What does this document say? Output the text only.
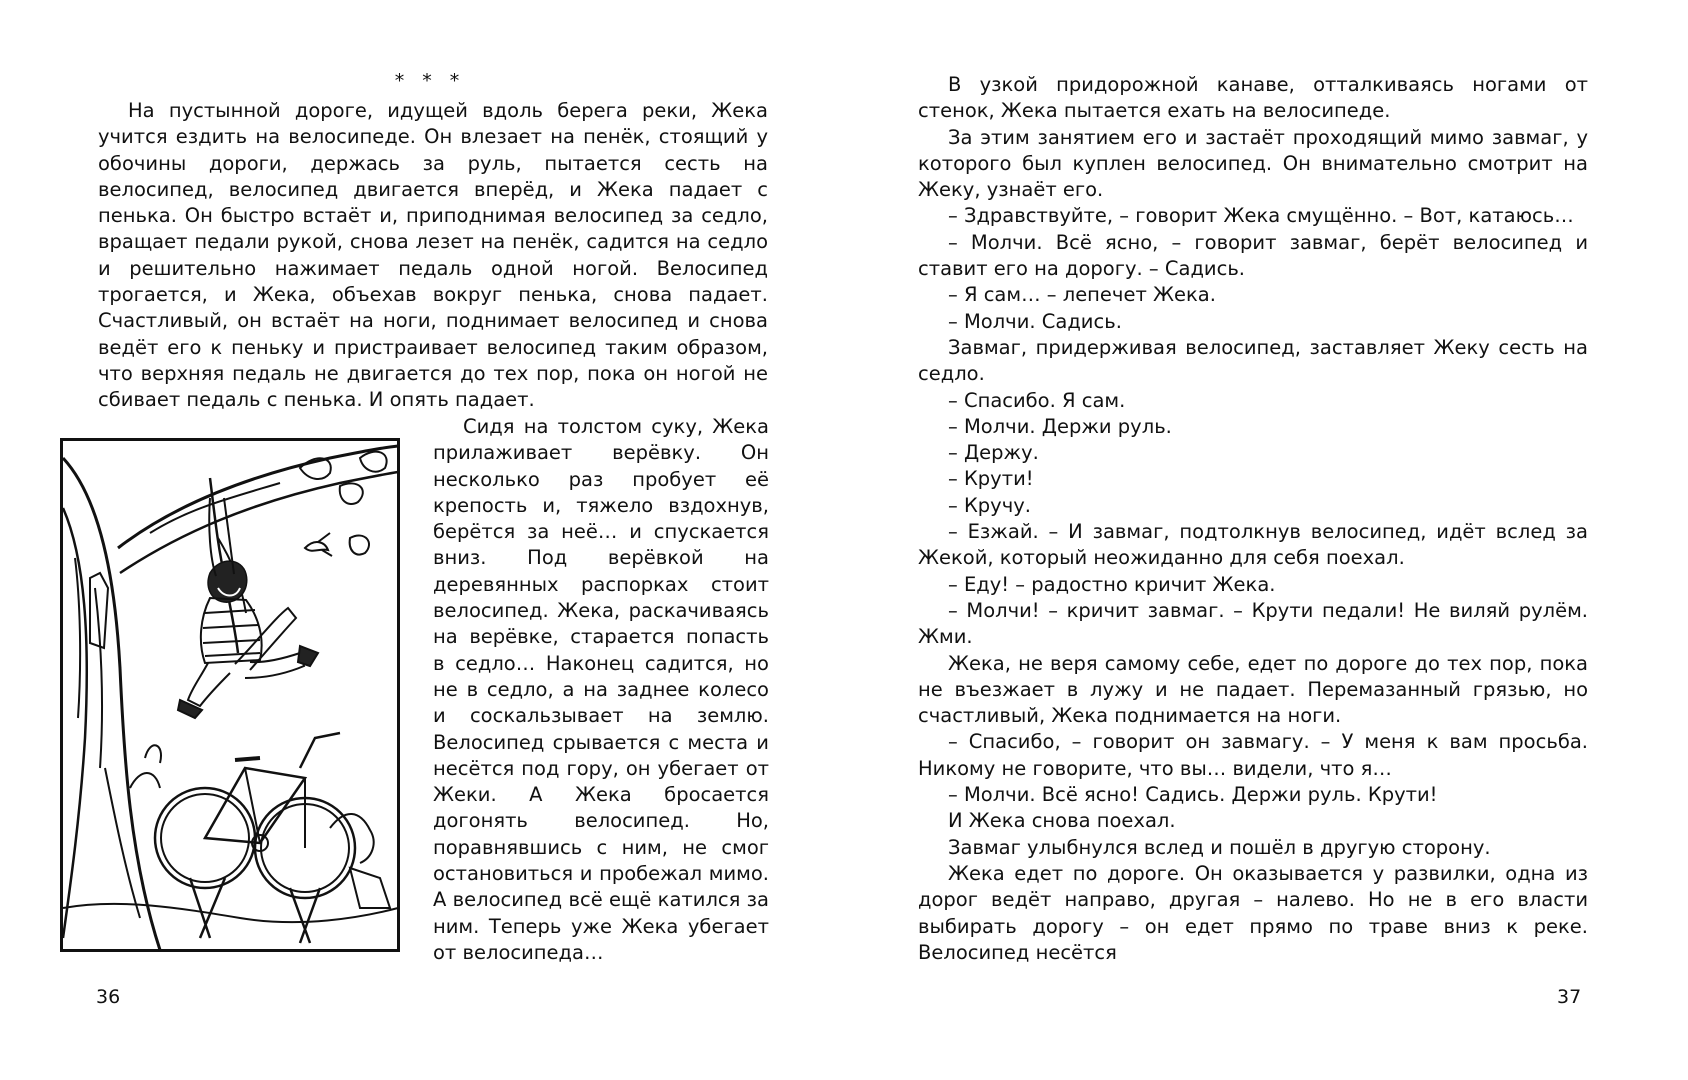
* * *

На пустынной дороге, идущей вдоль берега реки, Жека учится ездить на велосипеде. Он влезает на пенёк, стоящий у обочины дороги, держась за руль, пытается сесть на велосипед, велосипед двигается вперёд, и Жека падает с пенька. Он быстро встаёт и, приподнимая велосипед за седло, вращает педали рукой, снова лезет на пенёк, садится на седло и решительно нажимает педаль одной ногой. Велосипед трогается, и Жека, объехав вокруг пенька, снова падает. Счастливый, он встаёт на ноги, поднимает велосипед и снова ведёт его к пеньку и пристраивает велосипед таким образом, что верхняя педаль не двигается до тех пор, пока он ногой не сбивает педаль с пенька. И опять падает.

Сидя на толстом суку, Жека прилаживает верёвку. Он несколько раз пробует её крепость и, тяжело вздохнув, берётся за неё… и спускается вниз. Под верёвкой на деревянных распорках стоит велосипед. Жека, раскачиваясь на верёвке, старается попасть в седло… Наконец садится, но не в седло, а на заднее колесо и соскальзывает на землю. Велосипед срывается с места и несётся под гору, он убегает от Жеки. А Жека бросается догонять велосипед. Но, поравнявшись с ним, не смог остановиться и пробежал мимо. А велосипед всё ещё катился за ним. Теперь уже Жека убегает от велосипеда…

36

В узкой придорожной канаве, отталкиваясь ногами от стенок, Жека пытается ехать на велосипеде.

За этим занятием его и застаёт проходящий мимо завмаг, у которого был куплен велосипед. Он внимательно смотрит на Жеку, узнаёт его.

– Здравствуйте, – говорит Жека смущённо. – Вот, катаюсь…

– Молчи. Всё ясно, – говорит завмаг, берёт велосипед и ставит его на дорогу. – Садись.

– Я сам… – лепечет Жека.

– Молчи. Садись.

Завмаг, придерживая велосипед, заставляет Жеку сесть на седло.

– Спасибо. Я сам.

– Молчи. Держи руль.

– Держу.

– Крути!

– Кручу.

– Езжай. – И завмаг, подтолкнув велосипед, идёт вслед за Жекой, который неожиданно для себя поехал.

– Еду! – радостно кричит Жека.

– Молчи! – кричит завмаг. – Крути педали! Не виляй рулём. Жми.

Жека, не веря самому себе, едет по дороге до тех пор, пока не въезжает в лужу и не падает. Перемазанный грязью, но счастливый, Жека поднимается на ноги.

– Спасибо, – говорит он завмагу. – У меня к вам просьба. Никому не говорите, что вы… видели, что я…

– Молчи. Всё ясно! Садись. Держи руль. Крути!

И Жека снова поехал.

Завмаг улыбнулся вслед и пошёл в другую сторону.

Жека едет по дороге. Он оказывается у развилки, одна из дорог ведёт направо, другая – налево. Но не в его власти выбирать дорогу – он едет прямо по траве вниз к реке. Велосипед несётся

37
